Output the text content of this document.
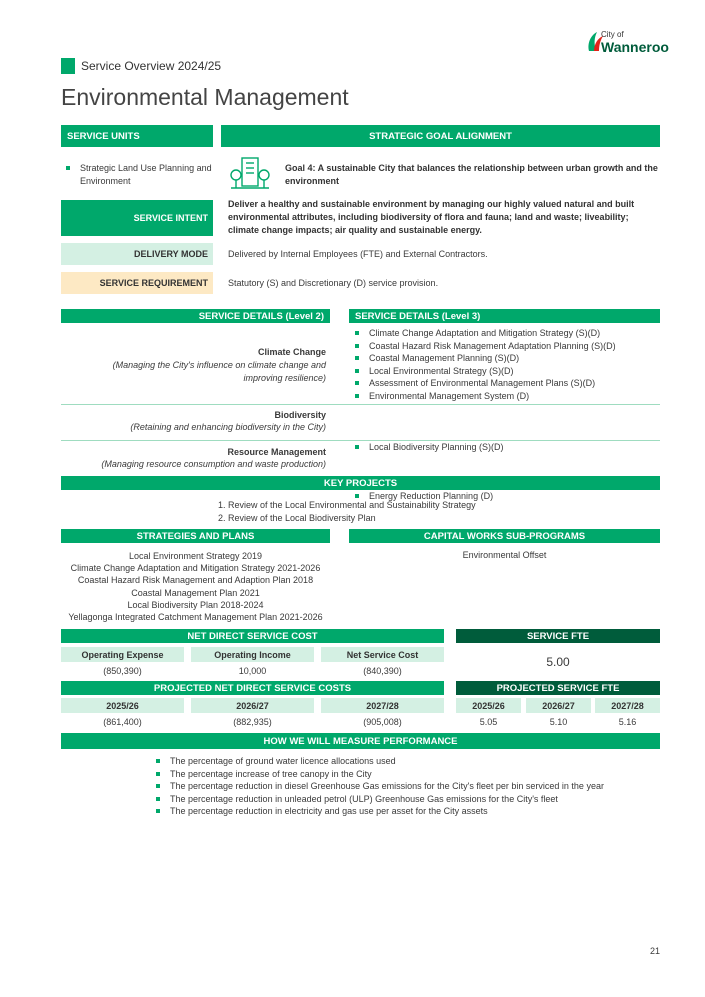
Service Overview 2024/25
Environmental Management
City of
Wanneroo
SERVICE UNITS	STRATEGIC GOAL ALIGNMENT
Strategic Land Use Planning and Environment
Goal 4: A sustainable City that balances the relationship between urban growth and the environment
SERVICE INTENT
Deliver a healthy and sustainable environment by managing our highly valued natural and built environmental attributes, including biodiversity of flora and fauna; land and waste; liveability; climate change impacts; air quality and sustainable energy.
DELIVERY MODE Delivered by Internal Employees (FTE) and External Contractors.
SERVICE REQUIREMENT Statutory (S) and Discretionary (D) service provision.
SERVICE DETAILS (Level 2)	SERVICE DETAILS (Level 3)
Climate Change
(Managing the City's influence on climate change and improving resilience)
Climate Change Adaptation and Mitigation Strategy (S)(D)
Coastal Hazard Risk Management Adaptation Planning (S)(D)
Coastal Management Planning (S)(D)
Local Environmental Strategy (S)(D)
Assessment of Environmental Management Plans (S)(D)
Environmental Management System (D)
Biodiversity
(Retaining and enhancing biodiversity in the City)
Local Biodiversity Planning (S)(D)
Resource Management
(Managing resource consumption and waste production)
Energy Reduction Planning (D)
KEY PROJECTS
1. Review of the Local Environmental and Sustainability Strategy
2. Review of the Local Biodiversity Plan
STRATEGIES AND PLANS	CAPITAL WORKS SUB-PROGRAMS
Local Environment Strategy 2019
Climate Change Adaptation and Mitigation Strategy 2021-2026
Coastal Hazard Risk Management and Adaption Plan 2018
Coastal Management Plan 2021
Local Biodiversity Plan 2018-2024
Yellagonga Integrated Catchment Management Plan 2021-2026
Environmental Offset
NET DIRECT SERVICE COST	SERVICE FTE
Operating Expense	Operating Income	Net Service Cost
(850,390)	10,000	(840,390)
5.00
PROJECTED NET DIRECT SERVICE COSTS	PROJECTED SERVICE FTE
2025/26	2026/27	2027/28
(861,400)	(882,935)	(905,008)
2025/26	2026/27	2027/28
5.05	5.10	5.16
HOW WE WILL MEASURE PERFORMANCE
The percentage of ground water licence allocations used
The percentage increase of tree canopy in the City
The percentage reduction in diesel Greenhouse Gas emissions for the City's fleet per bin serviced in the year
The percentage reduction in unleaded petrol (ULP) Greenhouse Gas emissions for the City's fleet
The percentage reduction in electricity and gas use per asset for the City assets
21
